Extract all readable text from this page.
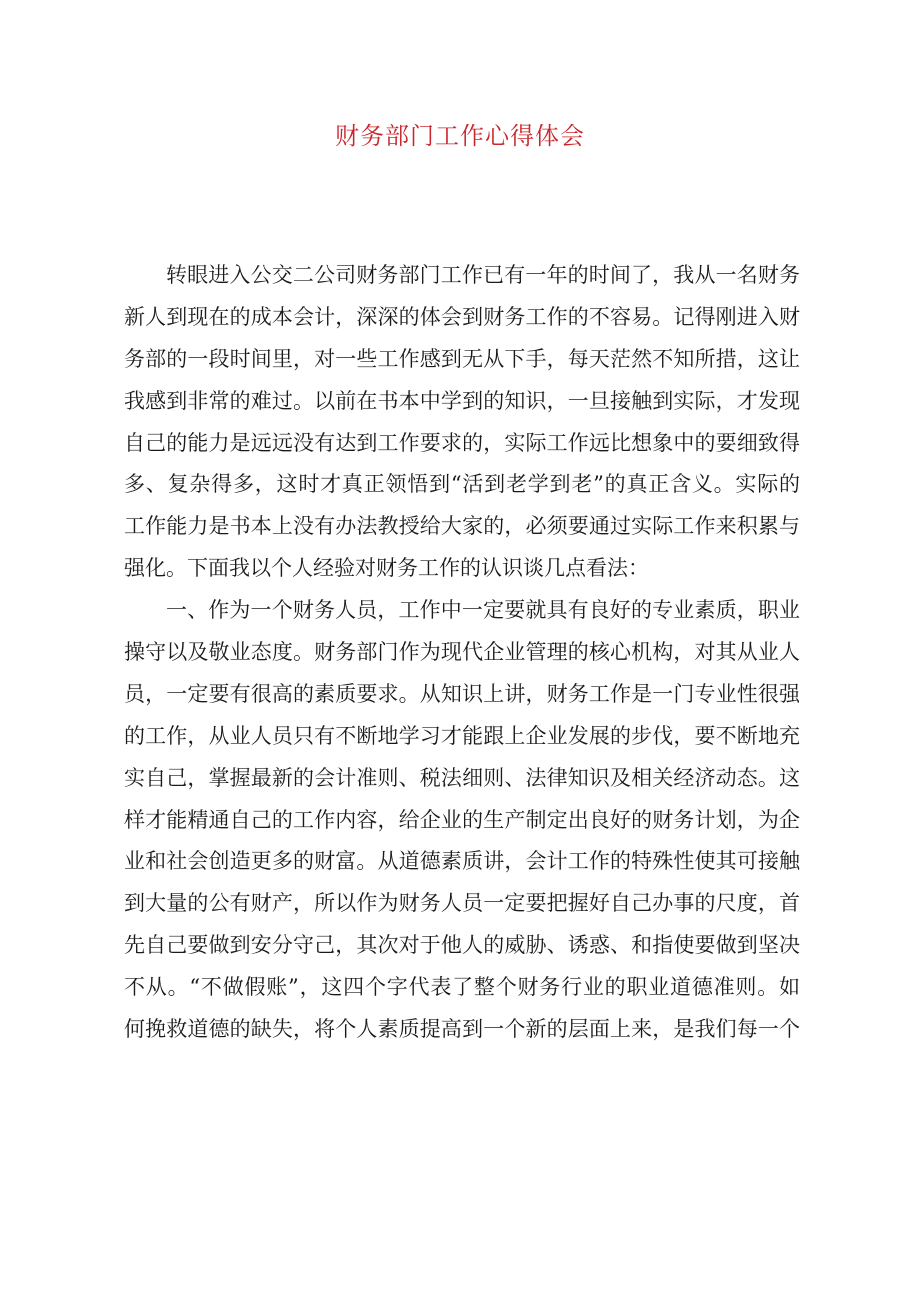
财务部门工作心得体会
转眼进入公交二公司财务部门工作已有一年的时间了，我从一名财务
新人到现在的成本会计，深深的体会到财务工作的不容易。记得刚进入财
务部的一段时间里，对一些工作感到无从下手，每天茫然不知所措，这让
我感到非常的难过。以前在书本中学到的知识，一旦接触到实际，才发现
自己的能力是远远没有达到工作要求的，实际工作远比想象中的要细致得
多、复杂得多，这时才真正领悟到“活到老学到老”的真正含义。实际的
工作能力是书本上没有办法教授给大家的，必须要通过实际工作来积累与
强化。下面我以个人经验对财务工作的认识谈几点看法：
一、作为一个财务人员，工作中一定要就具有良好的专业素质，职业
操守以及敬业态度。财务部门作为现代企业管理的核心机构，对其从业人
员，一定要有很高的素质要求。从知识上讲，财务工作是一门专业性很强
的工作，从业人员只有不断地学习才能跟上企业发展的步伐，要不断地充
实自己，掌握最新的会计准则、税法细则、法律知识及相关经济动态。这
样才能精通自己的工作内容，给企业的生产制定出良好的财务计划，为企
业和社会创造更多的财富。从道德素质讲，会计工作的特殊性使其可接触
到大量的公有财产，所以作为财务人员一定要把握好自己办事的尺度，首
先自己要做到安分守己，其次对于他人的威胁、诱惑、和指使要做到坚决
不从。“不做假账”，这四个字代表了整个财务行业的职业道德准则。如
何挽救道德的缺失，将个人素质提高到一个新的层面上来，是我们每一个
